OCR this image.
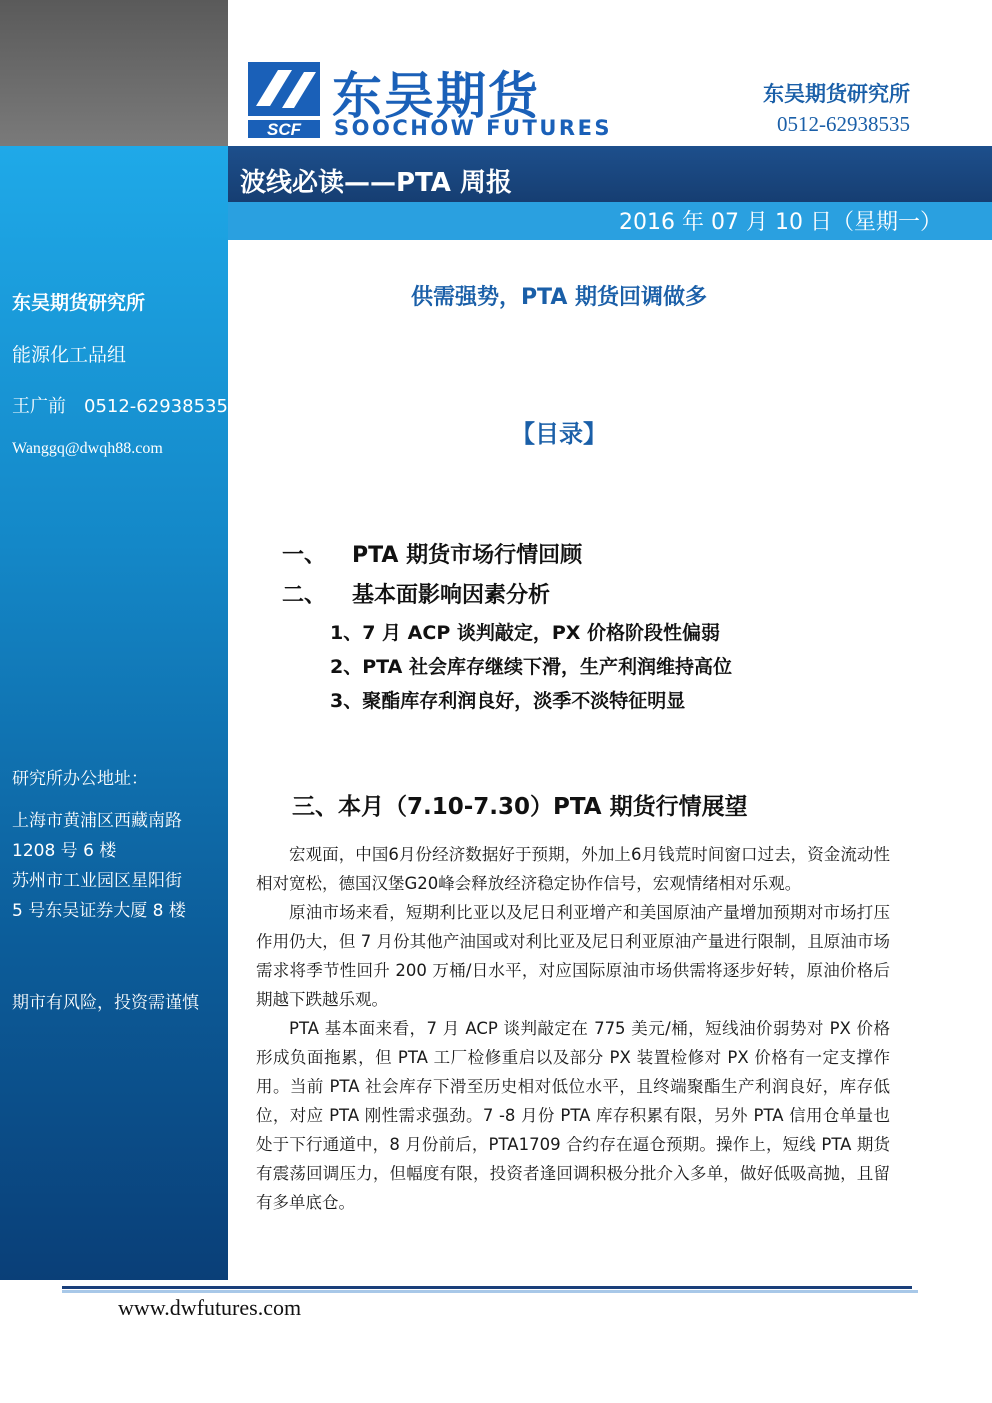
SCF
东吴期货
SOOCHOW FUTURES
东吴期货研究所
0512-62938535
波线必读——PTA 周报
2016 年 07 月 10 日（星期一）
东吴期货研究所
能源化工品组
王广前　0512-62938535
Wanggq@dwqh88.com
研究所办公地址：
上海市黄浦区西藏南路
1208 号 6 楼
苏州市工业园区星阳街
5 号东吴证券大厦 8 楼
期市有风险，投资需谨慎
供需强势，PTA 期货回调做多
【目录】
一、 PTA 期货市场行情回顾
二、 基本面影响因素分析
1、7 月 ACP 谈判敲定，PX 价格阶段性偏弱
2、PTA 社会库存继续下滑，生产利润维持高位
3、聚酯库存利润良好，淡季不淡特征明显
三、本月（7.10-7.30）PTA 期货行情展望

宏观面，中国6月份经济数据好于预期，外加上6月钱荒时间窗口过去，资金流动性相对宽松，德国汉堡G20峰会释放经济稳定协作信号，宏观情绪相对乐观。

原油市场来看，短期利比亚以及尼日利亚增产和美国原油产量增加预期对市场打压作用仍大，但 7 月份其他产油国或对利比亚及尼日利亚原油产量进行限制，且原油市场需求将季节性回升 200 万桶/日水平，对应国际原油市场供需将逐步好转，原油价格后期越下跌越乐观。

PTA 基本面来看，7 月 ACP 谈判敲定在 775 美元/桶，短线油价弱势对 PX 价格形成负面拖累，但 PTA 工厂检修重启以及部分 PX 装置检修对 PX 价格有一定支撑作用。当前 PTA 社会库存下滑至历史相对低位水平，且终端聚酯生产利润良好，库存低位，对应 PTA 刚性需求强劲。7 -8 月份 PTA 库存积累有限，另外 PTA 信用仓单量也处于下行通道中，8 月份前后，PTA1709 合约存在逼仓预期。操作上，短线 PTA 期货有震荡回调压力，但幅度有限，投资者逢回调积极分批介入多单，做好低吸高抛，且留有多单底仓。

www.dwfutures.com
